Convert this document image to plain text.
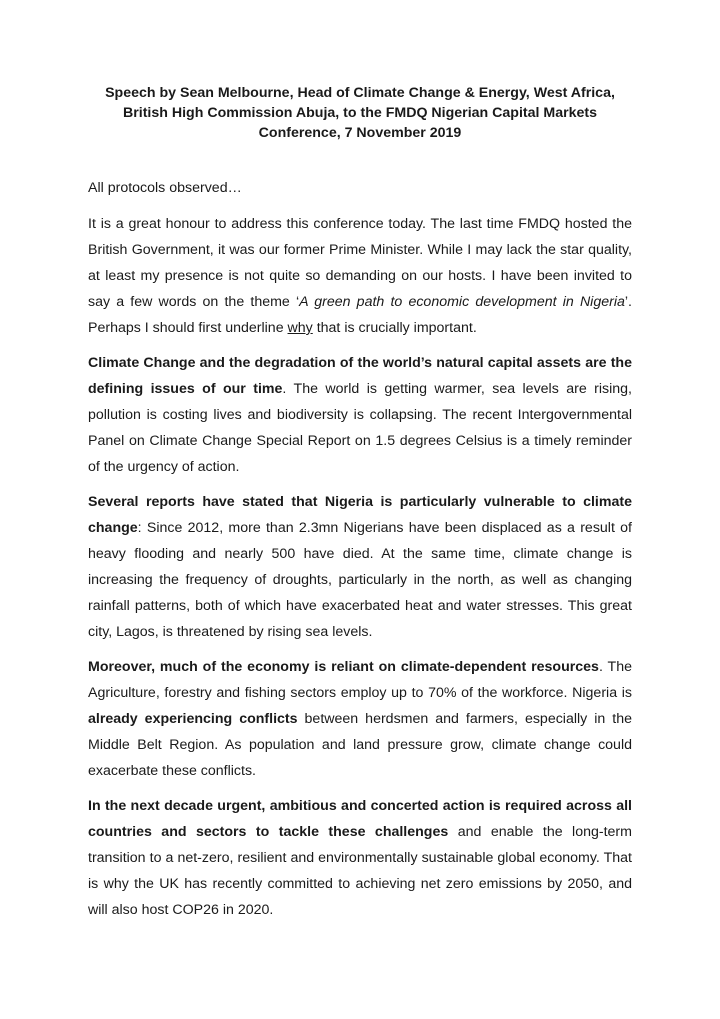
Speech by Sean Melbourne, Head of Climate Change & Energy, West Africa,
British High Commission Abuja, to the FMDQ Nigerian Capital Markets
Conference, 7 November 2019

All protocols observed…

It is a great honour to address this conference today. The last time FMDQ hosted the British Government, it was our former Prime Minister. While I may lack the star quality, at least my presence is not quite so demanding on our hosts. I have been invited to say a few words on the theme ‘A green path to economic development in Nigeria’. Perhaps I should first underline why that is crucially important.

Climate Change and the degradation of the world’s natural capital assets are the defining issues of our time. The world is getting warmer, sea levels are rising, pollution is costing lives and biodiversity is collapsing. The recent Intergovernmental Panel on Climate Change Special Report on 1.5 degrees Celsius is a timely reminder of the urgency of action.

Several reports have stated that Nigeria is particularly vulnerable to climate change: Since 2012, more than 2.3mn Nigerians have been displaced as a result of heavy flooding and nearly 500 have died. At the same time, climate change is increasing the frequency of droughts, particularly in the north, as well as changing rainfall patterns, both of which have exacerbated heat and water stresses. This great city, Lagos, is threatened by rising sea levels.

Moreover, much of the economy is reliant on climate-dependent resources. The Agriculture, forestry and fishing sectors employ up to 70% of the workforce. Nigeria is already experiencing conflicts between herdsmen and farmers, especially in the Middle Belt Region. As population and land pressure grow, climate change could exacerbate these conflicts.

In the next decade urgent, ambitious and concerted action is required across all countries and sectors to tackle these challenges and enable the long-term transition to a net-zero, resilient and environmentally sustainable global economy. That is why the UK has recently committed to achieving net zero emissions by 2050, and will also host COP26 in 2020.
